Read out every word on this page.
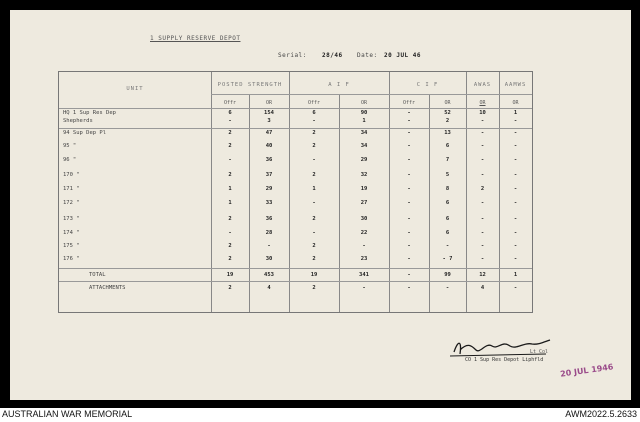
1 SUPPLY RESERVE DEPOT
Serial:	28/46 Date: 20 JUL 46
UNIT
POSTED STRENGTH
Offr	OR
A I F
Offr	OR
C I F
Offr	OR
AWAS
OR
AAMWS
OR
HQ 1 Sup Res Dep	6	154	6	90	-	52	10	1
Shepherds	-	3	-	1	-	2	-	-
94 Sup Dep Pl	2	47	2	34	-	13	-	-
95 "	2	40	2	34	-	6	-	-
96 "	-	36	-	29	-	7	-	-
170 "	2	37	2	32	-	5	-	-
171 "	1	29	1	19	-	8	2	-
172 "	1	33	-	27	-	6	-	-
173 "	2	36	2	30	-	6	-	-
174 "	-	28	-	22	-	6	-	-
175 "	2	-	2	-	-	-	-	-
176 "	2	30	2	23	-	- 7	-	-
TOTAL	19	453	19	341	-	99	12	1
ATTACHMENTS	2	4	2	-	-	-	4	-
Lt Col
CO 1 Sup Res Depot Liphfld
20 JUL 1946
AUSTRALIAN WAR MEMORIAL	AWM2022.5.2633
